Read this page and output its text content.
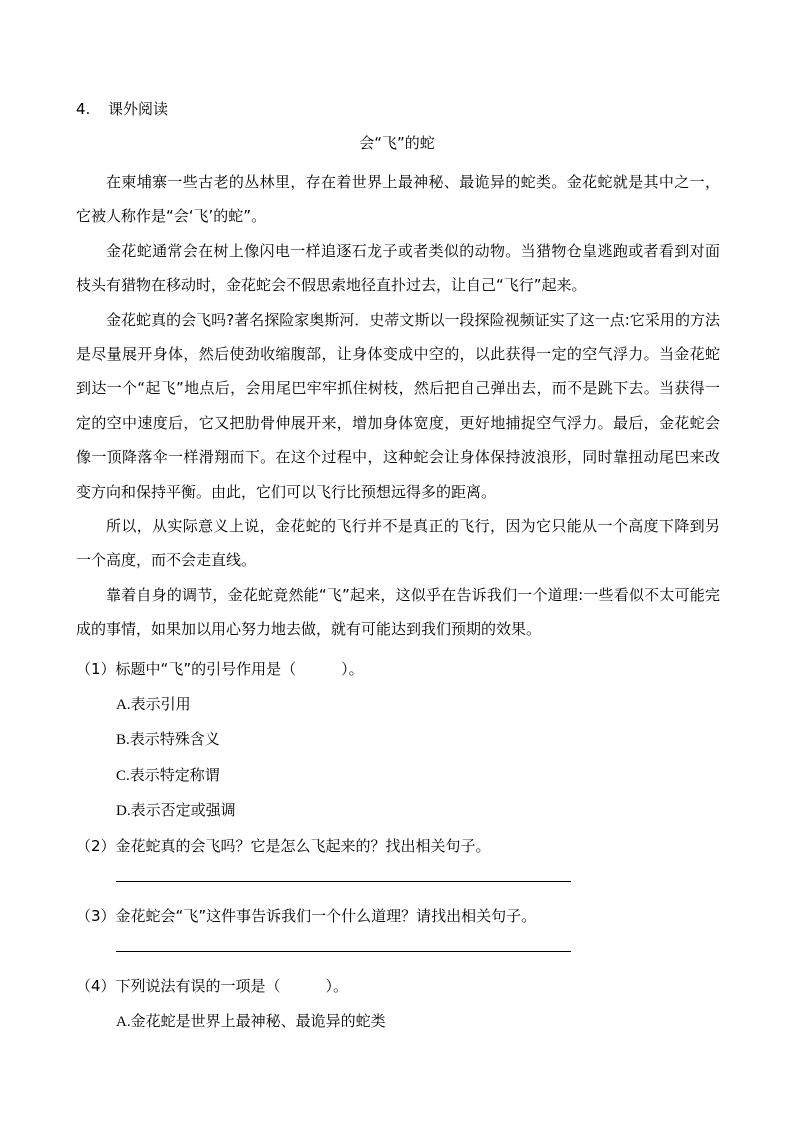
4. 课外阅读
会“飞”的蛇

在柬埔寨一些古老的丛林里，存在着世界上最神秘、最诡异的蛇类。金花蛇就是其中之一，它被人称作是“会‘飞’的蛇”。

金花蛇通常会在树上像闪电一样追逐石龙子或者类似的动物。当猎物仓皇逃跑或者看到对面枝头有猎物在移动时，金花蛇会不假思索地径直扑过去，让自己“飞行”起来。

金花蛇真的会飞吗?著名探险家奥斯河．史蒂文斯以一段探险视频证实了这一点:它采用的方法是尽量展开身体，然后使劲收缩腹部，让身体变成中空的，以此获得一定的空气浮力。当金花蛇到达一个“起飞”地点后，会用尾巴牢牢抓住树枝，然后把自己弹出去，而不是跳下去。当获得一定的空中速度后，它又把肋骨伸展开来，增加身体宽度，更好地捕捉空气浮力。最后，金花蛇会像一顶降落伞一样滑翔而下。在这个过程中，这种蛇会让身体保持波浪形，同时靠扭动尾巴来改变方向和保持平衡。由此，它们可以飞行比预想远得多的距离。

所以，从实际意义上说，金花蛇的飞行并不是真正的飞行，因为它只能从一个高度下降到另一个高度，而不会走直线。

靠着自身的调节，金花蛇竟然能“飞”起来，这似乎在告诉我们一个道理:一些看似不太可能完成的事情，如果加以用心努力地去做，就有可能达到我们预期的效果。

（1）标题中“飞”的引号作用是（　　　）。
A.表示引用
B.表示特殊含义
C.表示特定称谓
D.表示否定或强调
（2）金花蛇真的会飞吗？它是怎么飞起来的？找出相关句子。
（3）金花蛇会“飞”这件事告诉我们一个什么道理？请找出相关句子。
（4）下列说法有误的一项是（　　　）。
A.金花蛇是世界上最神秘、最诡异的蛇类
